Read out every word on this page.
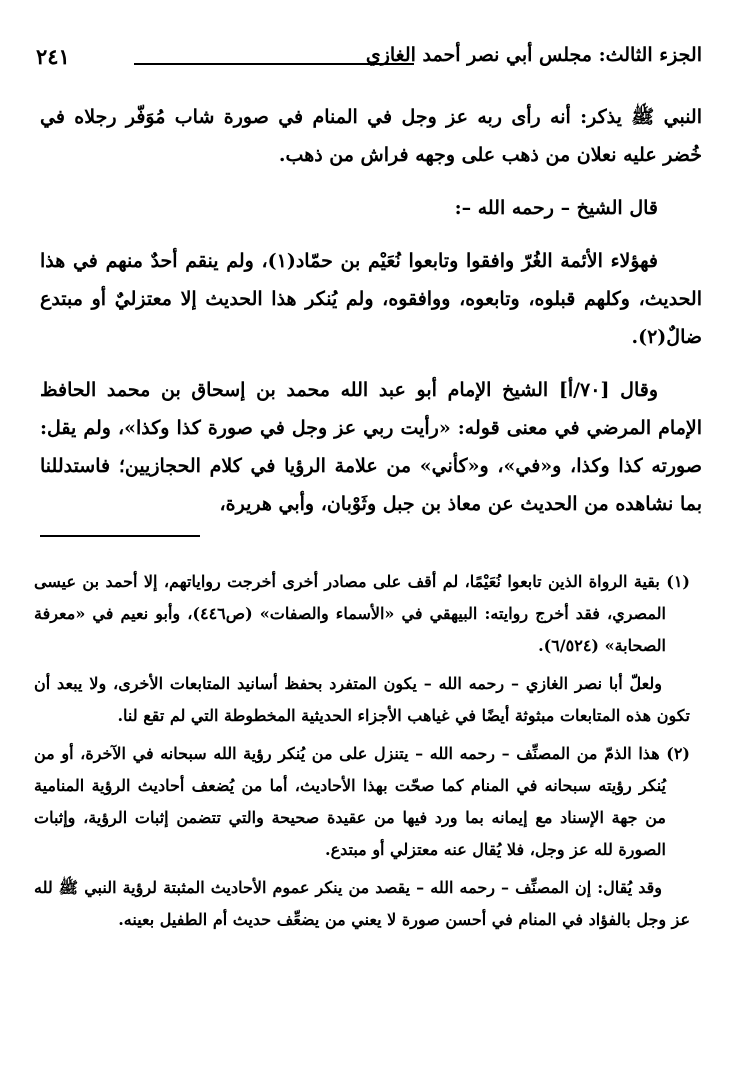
الجزء الثالث: مجلس أبي نصر أحمد الغازي
٢٤١

النبي ﷺ يذكر: أنه رأى ربه عز وجل في المنام في صورة شاب مُوَفّر رجلاه في خُضر عليه نعلان من ذهب على وجهه فراش من ذهب.

قال الشيخ – رحمه الله –:

فهؤلاء الأئمة الغُرّ وافقوا وتابعوا نُعَيْم بن حمّاد(١)، ولم ينقم أحدٌ منهم في هذا الحديث، وكلهم قبلوه، وتابعوه، ووافقوه، ولم يُنكر هذا الحديث إلا معتزليٌ أو مبتدع ضالٌ(٢).

وقال [٧٠/أ] الشيخ الإمام أبو عبد الله محمد بن إسحاق بن محمد الحافظ الإمام المرضي في معنى قوله: «رأيت ربي عز وجل في صورة كذا وكذا»، ولم يقل: صورته كذا وكذا، و«في»، و«كأني» من علامة الرؤيا في كلام الحجازيين؛ فاستدللنا بما نشاهده من الحديث عن معاذ بن جبل وثَوْبان، وأبي هريرة،

(١) بقية الرواة الذين تابعوا نُعَيْمًا، لم أقف على مصادر أخرى أخرجت رواياتهم، إلا أحمد بن عيسى المصري، فقد أخرج روايته: البيهقي في «الأسماء والصفات» (ص٤٤٦)، وأبو نعيم في «معرفة الصحابة» (٦/٥٢٤).

ولعلّ أبا نصر الغازي – رحمه الله – يكون المتفرد بحفظ أسانيد المتابعات الأخرى، ولا يبعد أن تكون هذه المتابعات مبثوثة أيضًا في غياهب الأجزاء الحديثية المخطوطة التي لم تقع لنا.

(٢) هذا الذمّ من المصنِّف – رحمه الله – يتنزل على من يُنكر رؤية الله سبحانه في الآخرة، أو من يُنكر رؤيته سبحانه في المنام كما صحّت بهذا الأحاديث، أما من يُضعف أحاديث الرؤية المنامية من جهة الإسناد مع إيمانه بما ورد فيها من عقيدة صحيحة والتي تتضمن إثبات الرؤية، وإثبات الصورة لله عز وجل، فلا يُقال عنه معتزلي أو مبتدع.

وقد يُقال: إن المصنِّف – رحمه الله – يقصد من ينكر عموم الأحاديث المثبتة لرؤية النبي ﷺ لله عز وجل بالفؤاد في المنام في أحسن صورة لا يعني من يضعِّف حديث أم الطفيل بعينه.
